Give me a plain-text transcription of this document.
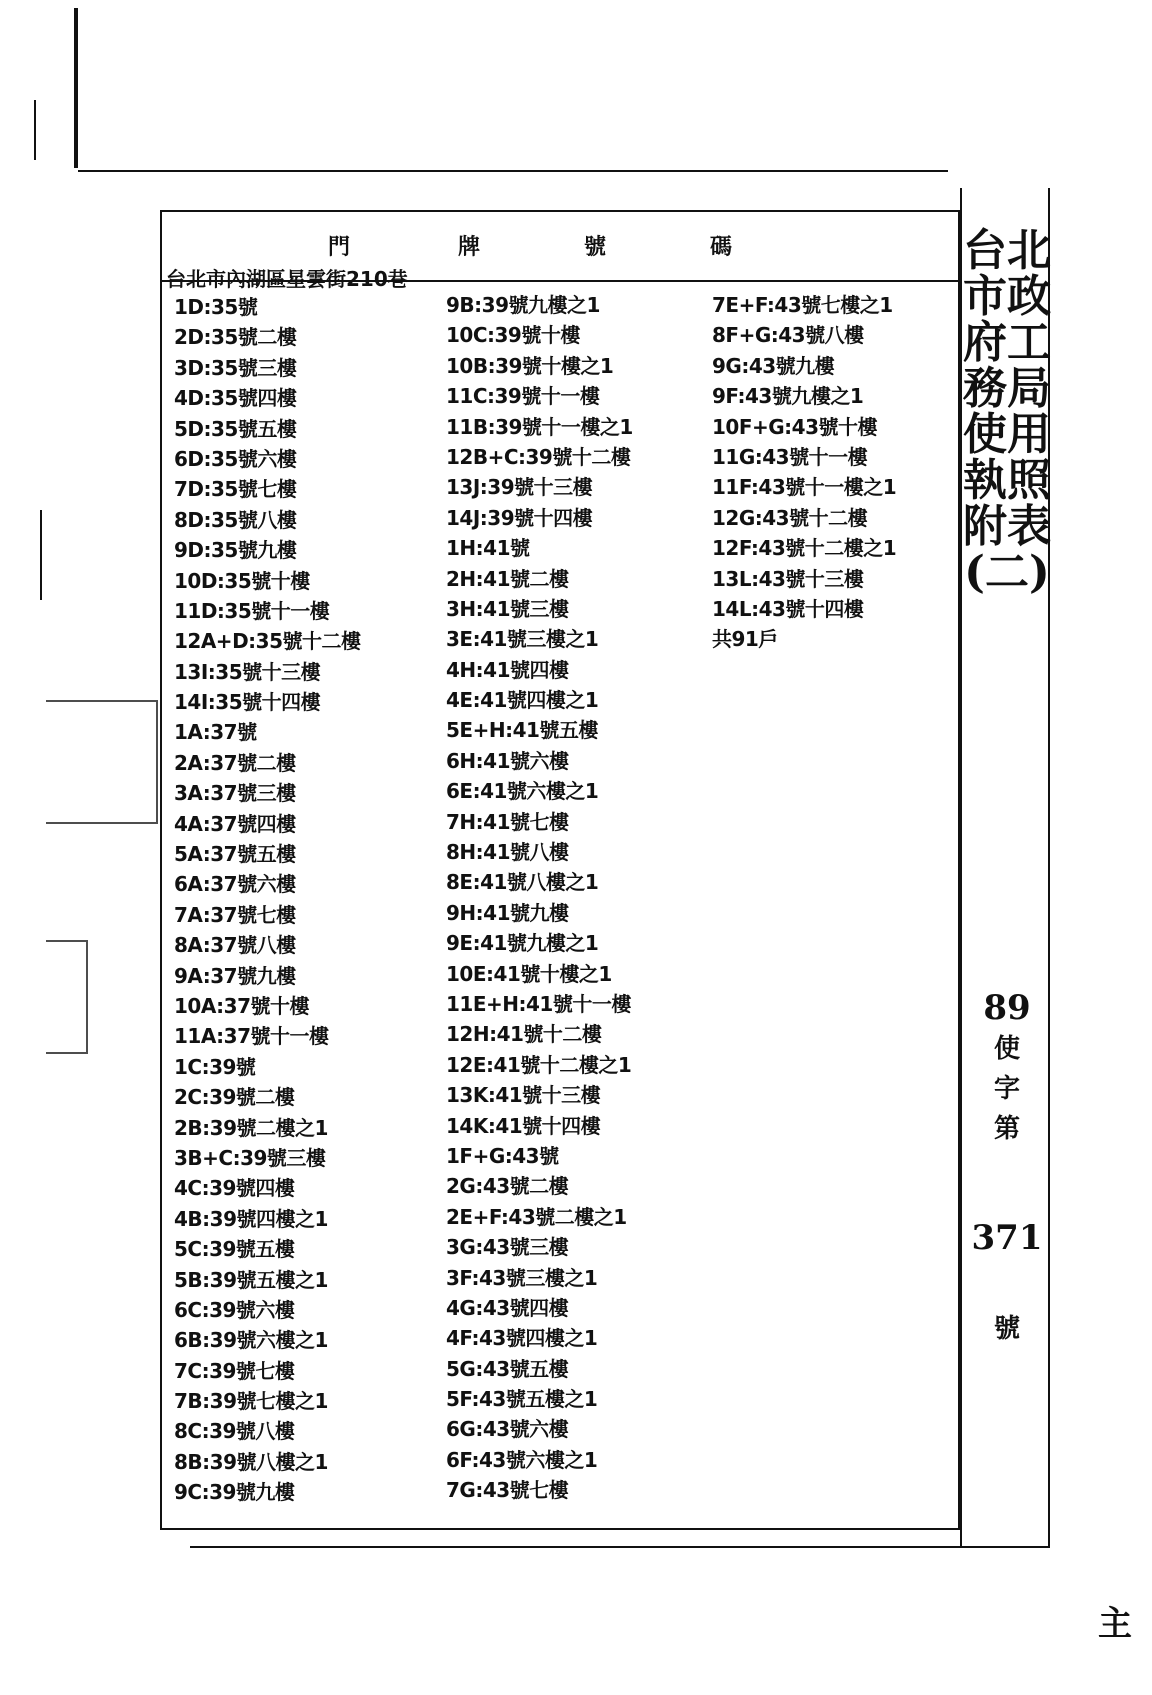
門	牌	號	碼
台北市內湖區星雲街210巷
1D:35號
2D:35號二樓
3D:35號三樓
4D:35號四樓
5D:35號五樓
6D:35號六樓
7D:35號七樓
8D:35號八樓
9D:35號九樓
10D:35號十樓
11D:35號十一樓
12A+D:35號十二樓
13I:35號十三樓
14I:35號十四樓
1A:37號
2A:37號二樓
3A:37號三樓
4A:37號四樓
5A:37號五樓
6A:37號六樓
7A:37號七樓
8A:37號八樓
9A:37號九樓
10A:37號十樓
11A:37號十一樓
1C:39號
2C:39號二樓
2B:39號二樓之1
3B+C:39號三樓
4C:39號四樓
4B:39號四樓之1
5C:39號五樓
5B:39號五樓之1
6C:39號六樓
6B:39號六樓之1
7C:39號七樓
7B:39號七樓之1
8C:39號八樓
8B:39號八樓之1
9C:39號九樓
9B:39號九樓之1
10C:39號十樓
10B:39號十樓之1
11C:39號十一樓
11B:39號十一樓之1
12B+C:39號十二樓
13J:39號十三樓
14J:39號十四樓
1H:41號
2H:41號二樓
3H:41號三樓
3E:41號三樓之1
4H:41號四樓
4E:41號四樓之1
5E+H:41號五樓
6H:41號六樓
6E:41號六樓之1
7H:41號七樓
8H:41號八樓
8E:41號八樓之1
9H:41號九樓
9E:41號九樓之1
10E:41號十樓之1
11E+H:41號十一樓
12H:41號十二樓
12E:41號十二樓之1
13K:41號十三樓
14K:41號十四樓
1F+G:43號
2G:43號二樓
2E+F:43號二樓之1
3G:43號三樓
3F:43號三樓之1
4G:43號四樓
4F:43號四樓之1
5G:43號五樓
5F:43號五樓之1
6G:43號六樓
6F:43號六樓之1
7G:43號七樓
7E+F:43號七樓之1
8F+G:43號八樓
9G:43號九樓
9F:43號九樓之1
10F+G:43號十樓
11G:43號十一樓
11F:43號十一樓之1
12G:43號十二樓
12F:43號十二樓之1
13L:43號十三樓
14L:43號十四樓
共91戶
台北市政府工務局使用執照附表(二)
89
使
字
第
371
號
主
